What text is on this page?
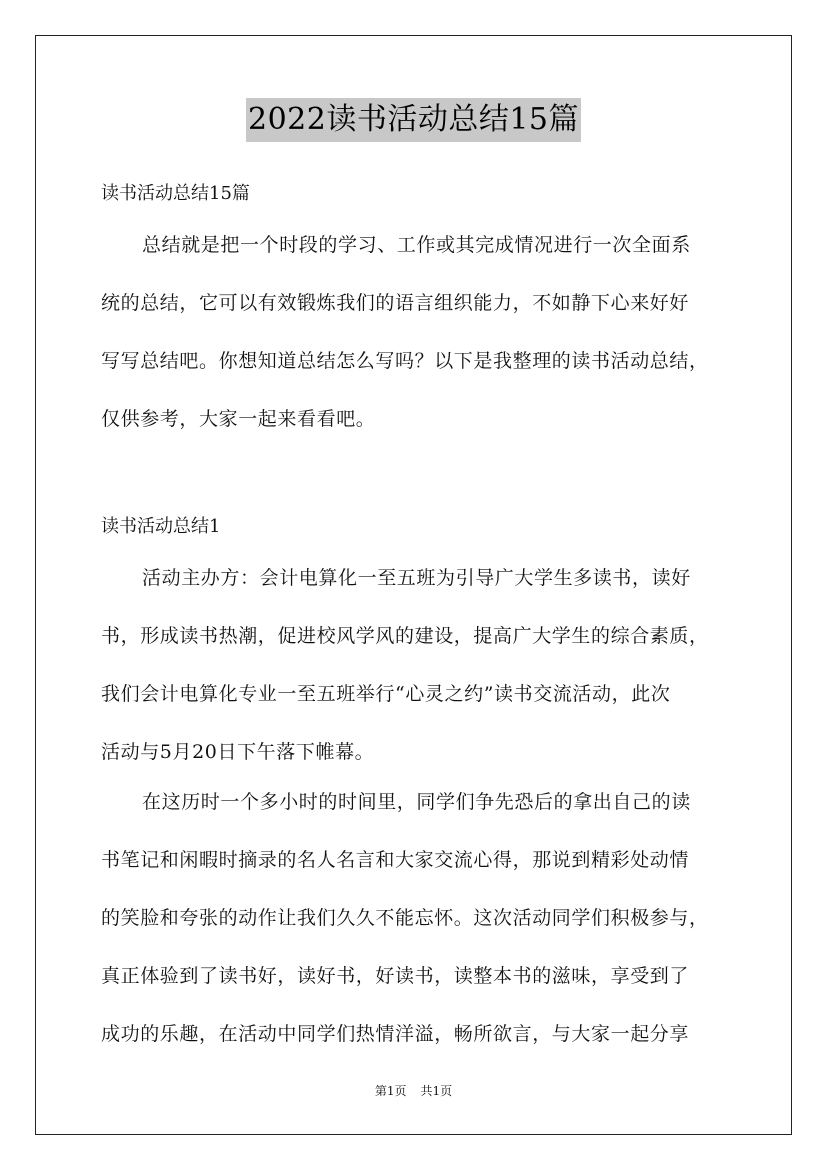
2022读书活动总结15篇
读书活动总结15篇
总结就是把一个时段的学习、工作或其完成情况进行一次全面系
统的总结，它可以有效锻炼我们的语言组织能力，不如静下心来好好
写写总结吧。你想知道总结怎么写吗？以下是我整理的读书活动总结，
仅供参考，大家一起来看看吧。
读书活动总结1
活动主办方：会计电算化一至五班为引导广大学生多读书，读好
书，形成读书热潮，促进校风学风的建设，提高广大学生的综合素质，
我们会计电算化专业一至五班举行“心灵之约”读书交流活动，此次
活动与5月20日下午落下帷幕。
在这历时一个多小时的时间里，同学们争先恐后的拿出自己的读
书笔记和闲暇时摘录的名人名言和大家交流心得，那说到精彩处动情
的笑脸和夸张的动作让我们久久不能忘怀。这次活动同学们积极参与，
真正体验到了读书好，读好书，好读书，读整本书的滋味，享受到了
成功的乐趣，在活动中同学们热情洋溢，畅所欲言，与大家一起分享
第1页 共1页
